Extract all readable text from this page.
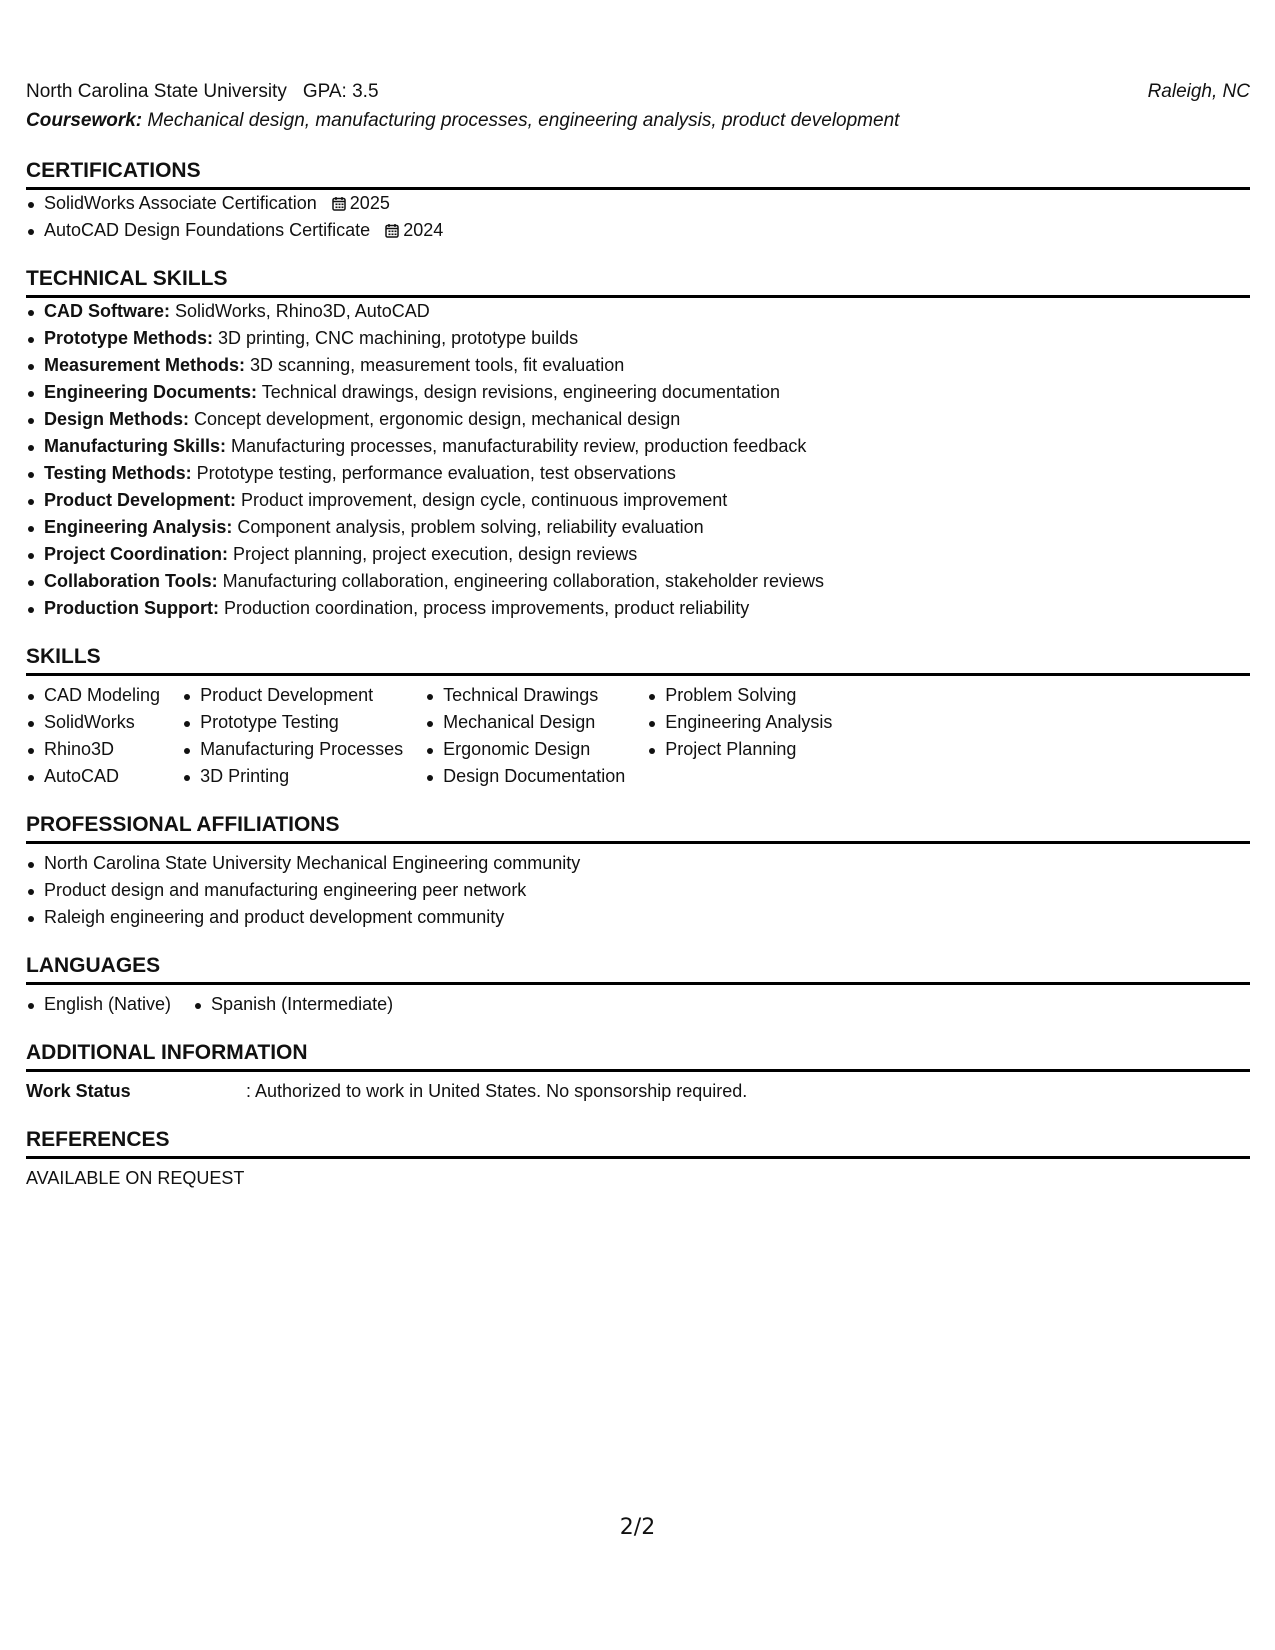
North Carolina State University GPA: 3.5	Raleigh, NC
Coursework: Mechanical design, manufacturing processes, engineering analysis, product development
CERTIFICATIONS
SolidWorks Associate Certification 2025
AutoCAD Design Foundations Certificate 2024
TECHNICAL SKILLS
CAD Software: SolidWorks, Rhino3D, AutoCAD
Prototype Methods: 3D printing, CNC machining, prototype builds
Measurement Methods: 3D scanning, measurement tools, fit evaluation
Engineering Documents: Technical drawings, design revisions, engineering documentation
Design Methods: Concept development, ergonomic design, mechanical design
Manufacturing Skills: Manufacturing processes, manufacturability review, production feedback
Testing Methods: Prototype testing, performance evaluation, test observations
Product Development: Product improvement, design cycle, continuous improvement
Engineering Analysis: Component analysis, problem solving, reliability evaluation
Project Coordination: Project planning, project execution, design reviews
Collaboration Tools: Manufacturing collaboration, engineering collaboration, stakeholder reviews
Production Support: Production coordination, process improvements, product reliability
SKILLS
CAD Modeling
SolidWorks
Rhino3D
AutoCAD
Product Development
Prototype Testing
Manufacturing Processes
3D Printing
Technical Drawings
Mechanical Design
Ergonomic Design
Design Documentation
Problem Solving
Engineering Analysis
Project Planning
PROFESSIONAL AFFILIATIONS
North Carolina State University Mechanical Engineering community
Product design and manufacturing engineering peer network
Raleigh engineering and product development community
LANGUAGES
English (Native)	Spanish (Intermediate)
ADDITIONAL INFORMATION
Work Status	: Authorized to work in United States. No sponsorship required.
REFERENCES
AVAILABLE ON REQUEST
2/2
